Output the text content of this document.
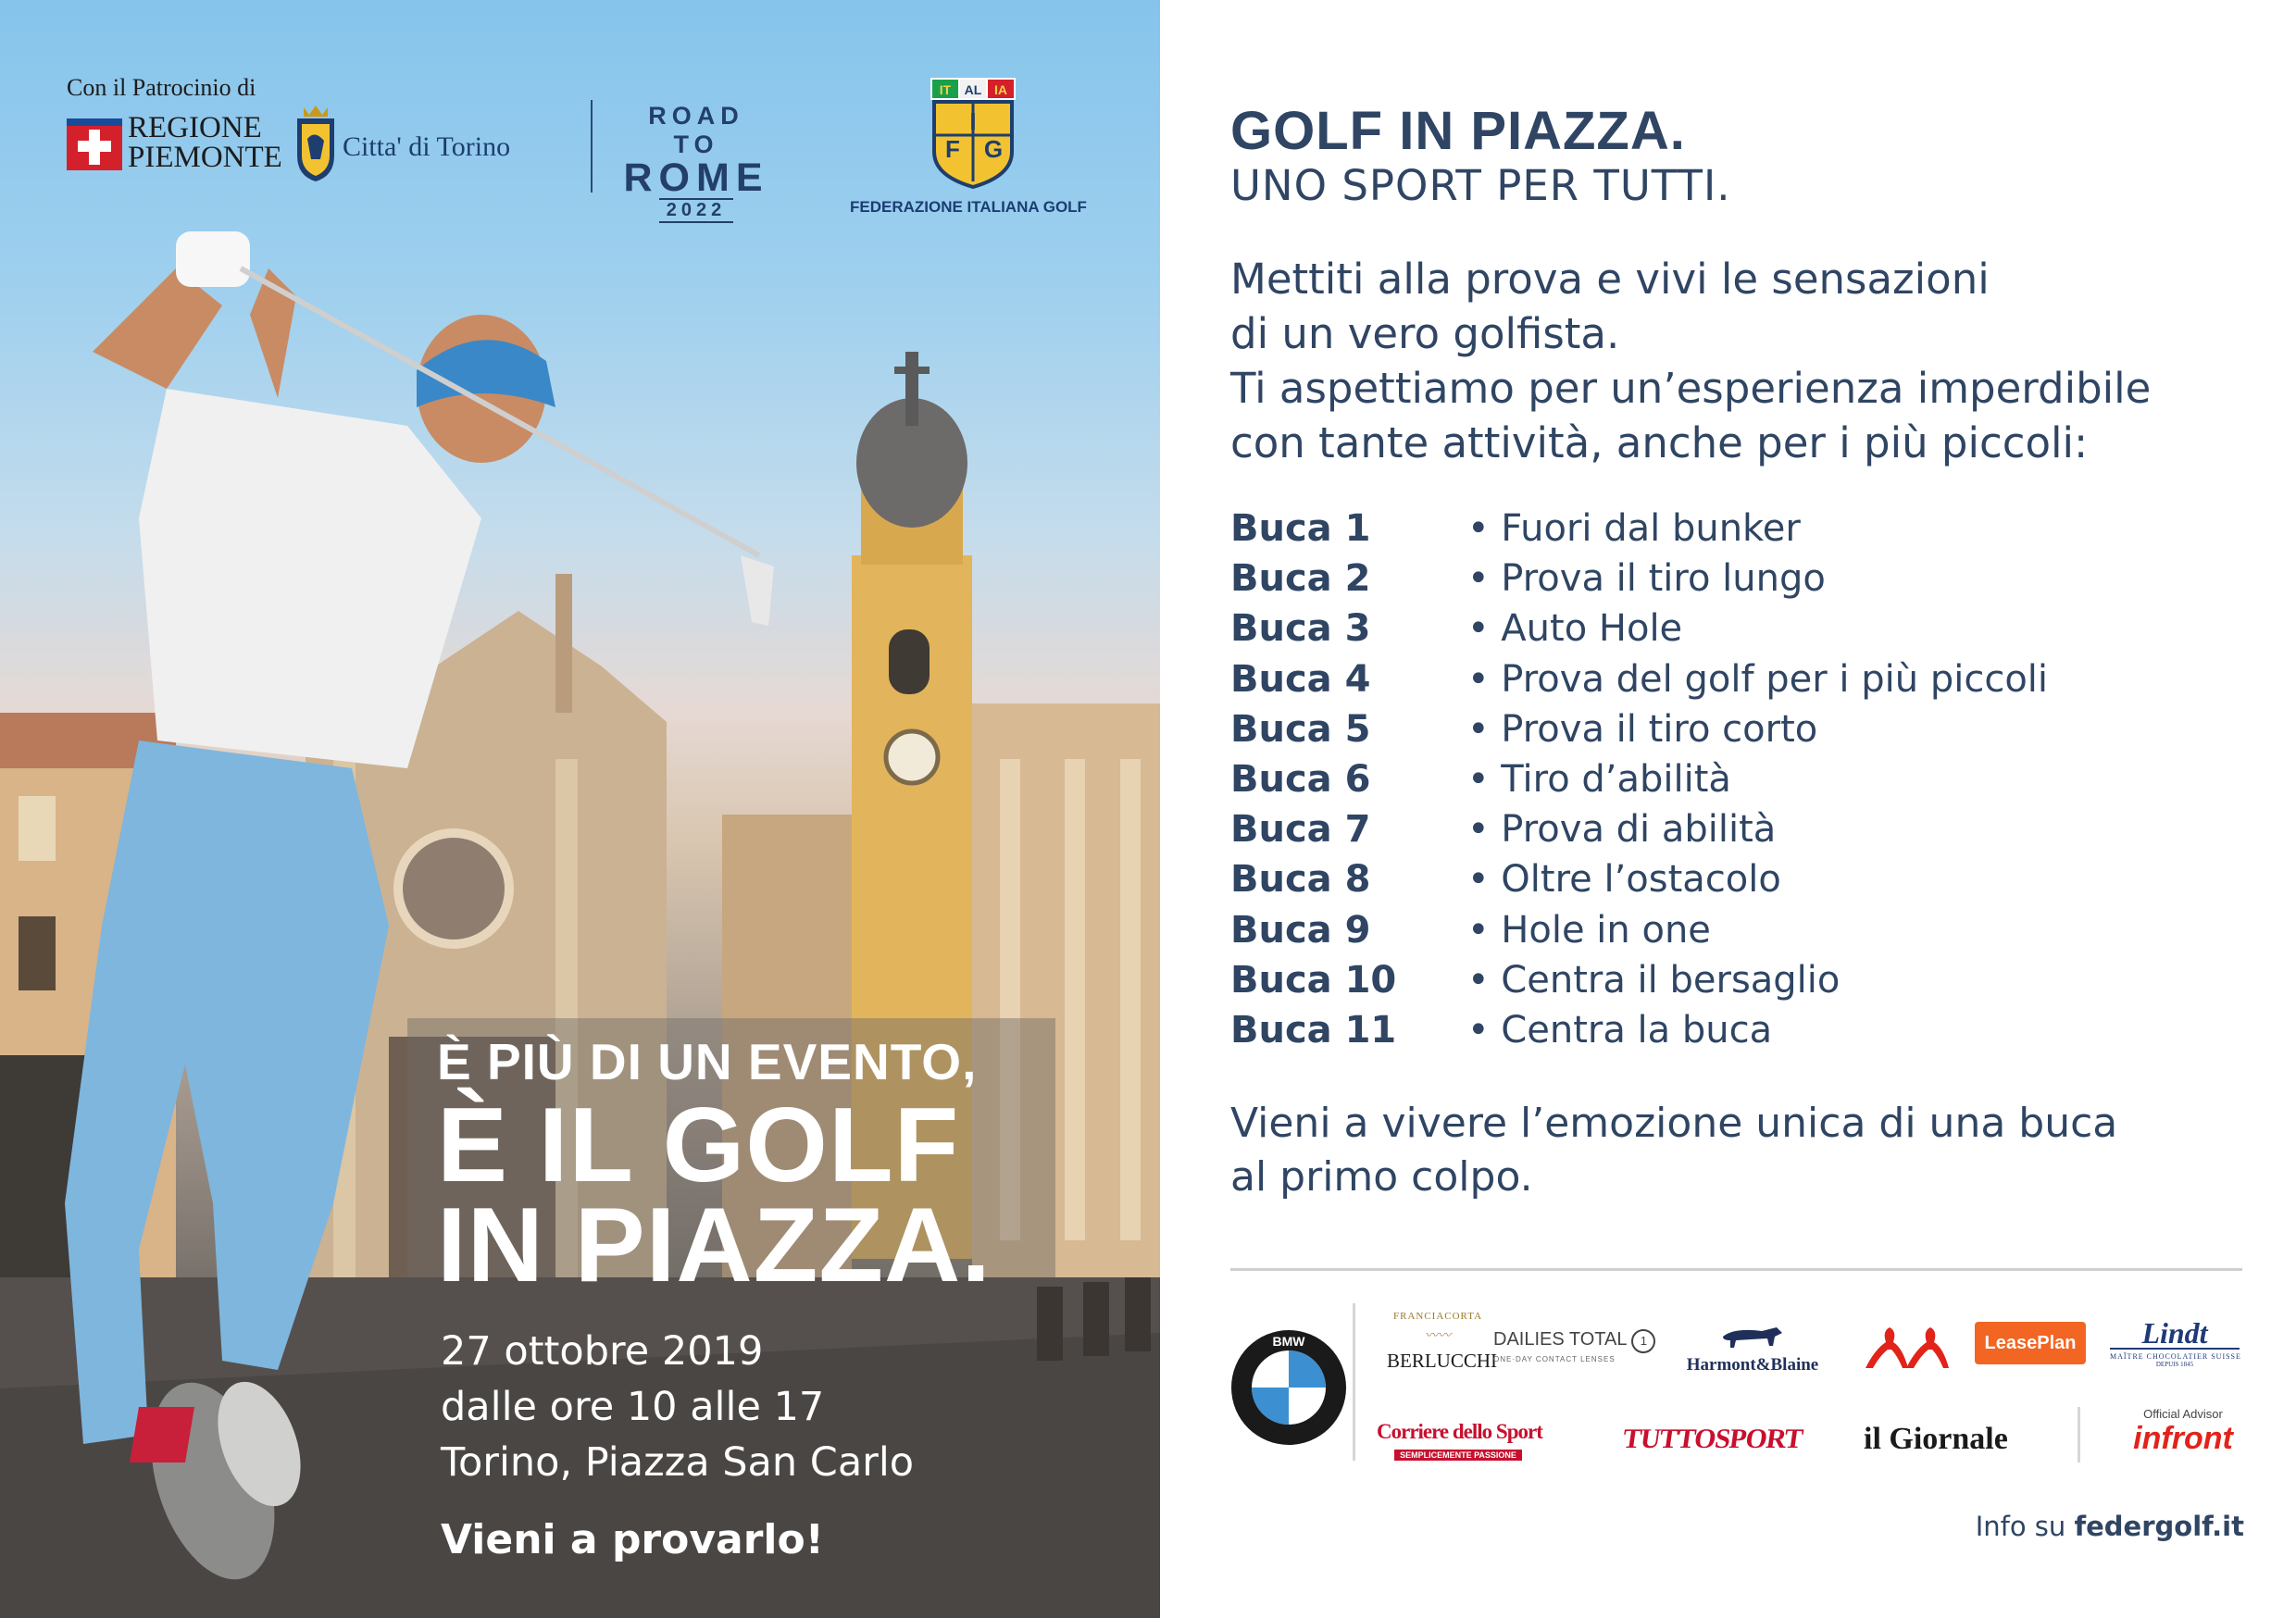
Con il Patrocinio di
REGIONE
PIEMONTE Citta' di Torino
ROAD TO
ROME
2022
IT AL IA
F
I
G
FEDERAZIONE ITALIANA GOLF
È PIÙ DI UN EVENTO,
È IL GOLF
IN PIAZZA.
27 ottobre 2019
dalle ore 10 alle 17
Torino, Piazza San Carlo
Vieni a provarlo!
GOLF IN PIAZZA.
UNO SPORT PER TUTTI.
Mettiti alla prova e vivi le sensazioni
di un vero golfista.
Ti aspettiamo per un’esperienza imperdibile
con tante attività, anche per i più piccoli:
Buca 1	• Fuori dal bunker
Buca 2	• Prova il tiro lungo
Buca 3	• Auto Hole
Buca 4	• Prova del golf per i più piccoli
Buca 5	• Prova il tiro corto
Buca 6	• Tiro d’abilità
Buca 7	• Prova di abilità
Buca 8	• Oltre l’ostacolo
Buca 9	• Hole in one
Buca 10 • Centra il bersaglio
Buca 11 • Centra la buca
Vieni a vivere l’emozione unica di una buca
al primo colpo.
BMW
FRANCIACORTA
〰〰
BERLUCCHI
DAILIES TOTAL 1
ONE·DAY CONTACT LENSES	Harmont&Blaine
LeasePlan	Lindt
MAÎTRE CHOCOLATIER SUISSE
DEPUIS 1845
Corriere dello Sport
SEMPLICEMENTE PASSIONE
TUTTOSPORT il Giornale
Official Advisor
infront
Info su federgolf.it
